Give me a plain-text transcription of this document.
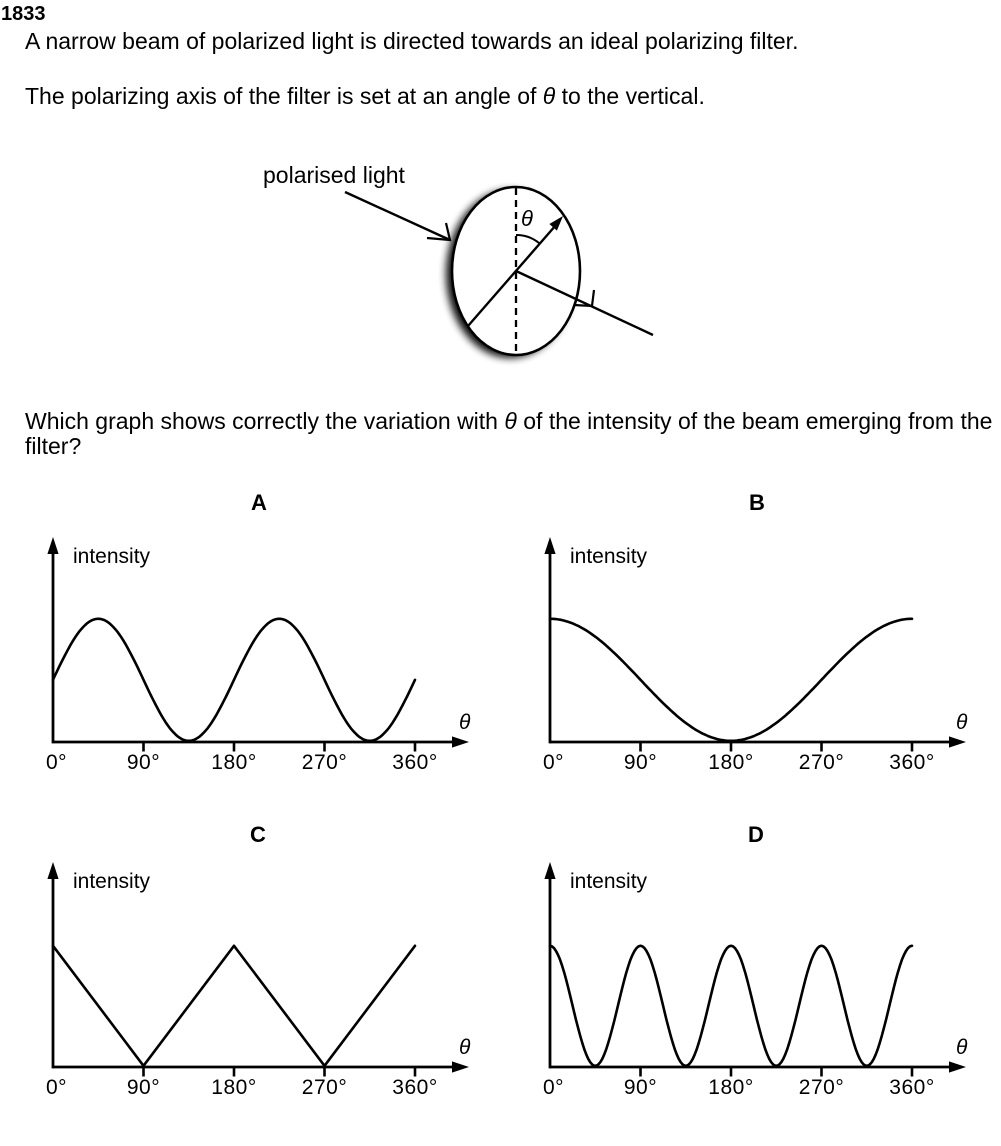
1833
A narrow beam of polarized light is directed towards an ideal polarizing filter.
The polarizing axis of the filter is set at an angle of θ to the vertical.
polarised light
θ
Which graph shows correctly the variation with θ of the intensity of the beam emerging from the
filter?
A	B
C	D
0°	90° 180° 270° 360°
intensity
θ
0°	90° 180° 270° 360°
intensity
θ
0°	90° 180° 270° 360°
intensity
θ
0°	90° 180° 270° 360°
intensity
θ
